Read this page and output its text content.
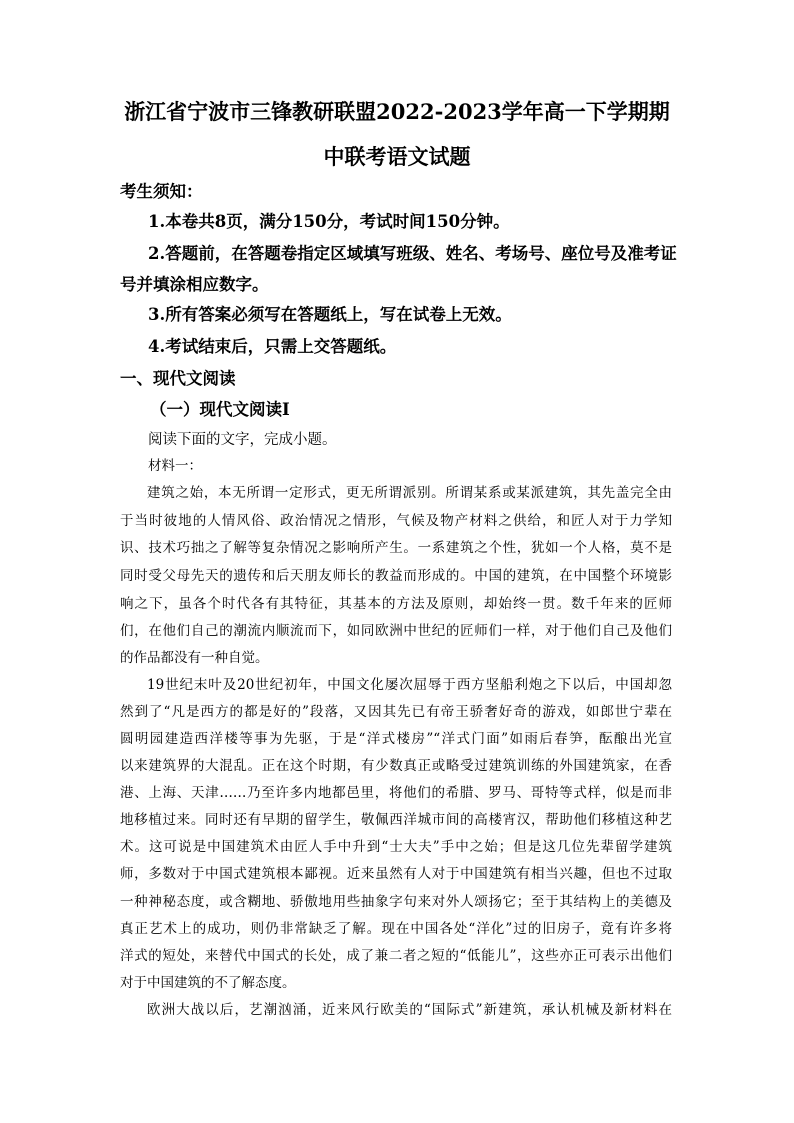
浙江省宁波市三锋教研联盟2022-2023学年高一下学期期
中联考语文试题
考生须知：
1.本卷共8页，满分150分，考试时间150分钟。
2.答题前，在答题卷指定区域填写班级、姓名、考场号、座位号及准考证
号并填涂相应数字。
3.所有答案必须写在答题纸上，写在试卷上无效。
4.考试结束后，只需上交答题纸。
一、现代文阅读
（一）现代文阅读Ⅰ
阅读下面的文字，完成小题。
材料一：
建筑之始，本无所谓一定形式，更无所谓派别。所谓某系或某派建筑，其先盖完全由
于当时彼地的人情风俗、政治情况之情形，气候及物产材料之供给，和匠人对于力学知
识、技术巧拙之了解等复杂情况之影响所产生。一系建筑之个性，犹如一个人格，莫不是
同时受父母先天的遗传和后天朋友师长的教益而形成的。中国的建筑，在中国整个环境影
响之下，虽各个时代各有其特征，其基本的方法及原则，却始终一贯。数千年来的匠师
们，在他们自己的潮流内顺流而下，如同欧洲中世纪的匠师们一样，对于他们自己及他们
的作品都没有一种自觉。
19世纪末叶及20世纪初年，中国文化屡次屈辱于西方坚船利炮之下以后，中国却忽
然到了“凡是西方的都是好的”段落，又因其先已有帝王骄奢好奇的游戏，如郎世宁辈在
圆明园建造西洋楼等事为先驱，于是“洋式楼房”“洋式门面”如雨后春笋，酝酿出光宣
以来建筑界的大混乱。正在这个时期，有少数真正或略受过建筑训练的外国建筑家，在香
港、上海、天津……乃至许多内地都邑里，将他们的希腊、罗马、哥特等式样，似是而非
地移植过来。同时还有早期的留学生，敬佩西洋城市间的高楼宵汉，帮助他们移植这种艺
术。这可说是中国建筑术由匠人手中升到“士大夫”手中之始；但是这几位先辈留学建筑
师，多数对于中国式建筑根本鄙视。近来虽然有人对于中国建筑有相当兴趣，但也不过取
一种神秘态度，或含糊地、骄傲地用些抽象字句来对外人颂扬它；至于其结构上的美德及
真正艺术上的成功，则仍非常缺乏了解。现在中国各处“洋化”过的旧房子，竟有许多将
洋式的短处，来替代中国式的长处，成了兼二者之短的“低能儿”，这些亦正可表示出他们
对于中国建筑的不了解态度。
欧洲大战以后，艺潮汹涌，近来风行欧美的“国际式”新建筑，承认机械及新材料在
